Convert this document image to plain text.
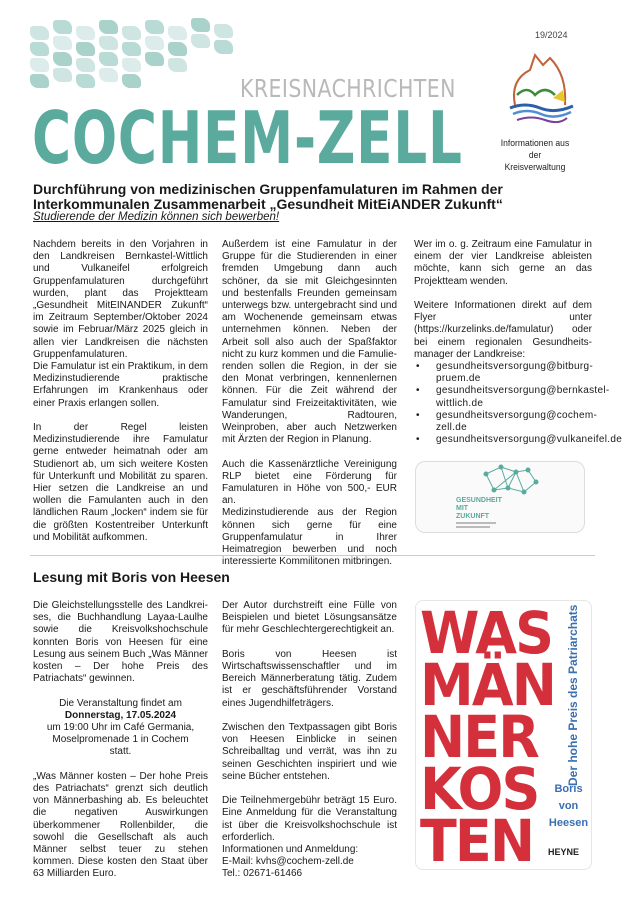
19/2024
KREISNACHRICHTEN
COCHEM-ZELL	Informationen aus
der Kreisverwaltung
Durchführung von medizinischen Gruppenfamulaturen im Rahmen der Interkommunalen Zusammenarbeit „Gesundheit MitEiANDER Zukunft“
Studierende der Medizin können sich bewerben!

Nachdem bereits in den Vorjahren in den Landkreisen Bernkastel-Wittlich und Vulkaneifel erfolgreich Gruppenfamulaturen durchgeführt wurden, plant das Projektteam „Gesundheit MitEINANDER Zukunft“ im Zeitraum September/Oktober 2024 sowie im Februar/März 2025 gleich in allen vier Landkreisen die nächsten Gruppenfamulaturen.

Die Famulatur ist ein Praktikum, in dem Medizinstudierende praktische Erfahrungen im Krankenhaus oder einer Praxis erlangen sollen.

In der Regel leisten Medizinstudierende ihre Famulatur gerne entweder heimatnah oder am Studienort ab, um sich weitere Kosten für Unterkunft und Mobilität zu sparen. Hier setzen die Landkreise an und wollen die Famulanten auch in den ländlichen Raum „locken“ indem sie für die größten Kostentreiber Unterkunft und Mobilität aufkommen.

Außerdem ist eine Famulatur in der Gruppe für die Studierenden in einer fremden Umgebung dann auch schöner, da sie mit Gleichgesinnten und bestenfalls Freunden gemeinsam unterwegs bzw. untergebracht sind und am Wochenende gemeinsam etwas unternehmen können. Neben der Arbeit soll also auch der Spaßfaktor nicht zu kurz kommen und die Famulierenden sollen die Region, in der sie den Monat verbringen, kennenlernen können. Für die Zeit während der Famulatur sind Freizeitaktivitäten, wie Wanderungen, Radtouren, Weinproben, aber auch Netzwerken mit Ärzten der Region in Planung.

Auch die Kassenärztliche Vereinigung RLP bietet eine Förderung für Famulaturen in Höhe von 500,- EUR an.

Medizinstudierende aus der Region können sich gerne für eine Gruppenfamulatur in Ihrer Heimatregion bewerben und noch interessierte Kommilitonen mitbringen.

Wer im o. g. Zeitraum eine Famulatur in einem der vier Landkreise ableisten möchte, kann sich gerne an das Projektteam wenden.

Weitere Informationen direkt auf dem Flyer unter (https://kurzelinks.de/famulatur) oder bei einem regionalen Gesundheitsmanager der Landkreise:

• gesundheitsversorgung@bitburg-pruem.de
• gesundheitsversorgung@bernkastel-wittlich.de
• gesundheitsversorgung@cochem-zell.de
• gesundheitsversorgung@vulkaneifel.de
GESUNDHEIT
MIT
ZUKUNFT
Lesung mit Boris von Heesen

Die Gleichstellungsstelle des Landkreises, die Buchhandlung Layaa-Laulhe sowie die Kreisvolkshochschule konnten Boris von Heesen für eine Lesung aus seinem Buch „Was Männer kosten – Der hohe Preis des Patriachats“ gewinnen.

Die Veranstaltung findet am
Donnerstag, 17.05.2024
um 19:00 Uhr im Café Germania, Moselpromenade 1 in Cochem
statt.

„Was Männer kosten – Der hohe Preis des Patriachats“ grenzt sich deutlich von Männerbashing ab. Es beleuchtet die negativen Auswirkungen überkommener Rollenbilder, die sowohl die Gesellschaft als auch Männer selbst teuer zu stehen kommen. Diese kosten den Staat über 63 Milliarden Euro.

Der Autor durchstreift eine Fülle von Beispielen und bietet Lösungsansätze für mehr Geschlechtergerechtigkeit an.

Boris von Heesen ist Wirtschaftswissenschaftler und im Bereich Männerberatung tätig. Zudem ist er geschäftsführender Vorstand eines Jugendhilfeträgers.

Zwischen den Textpassagen gibt Boris von Heesen Einblicke in seinen Schreiballtag und verrät, was ihn zu seinen Geschichten inspiriert und wie seine Bücher entstehen.

Die Teilnehmergebühr beträgt 15 Euro. Eine Anmeldung für die Veranstaltung ist über die Kreisvolkshochschule ist erforderlich.

Informationen und Anmeldung:
E-Mail: kvhs@cochem-zell.de
Tel.: 02671-61466
WAS
MÄN
NER
KOS
TEN
Der hohe Preis des Patriarchats
Boris
von
Heesen
HEYNE
